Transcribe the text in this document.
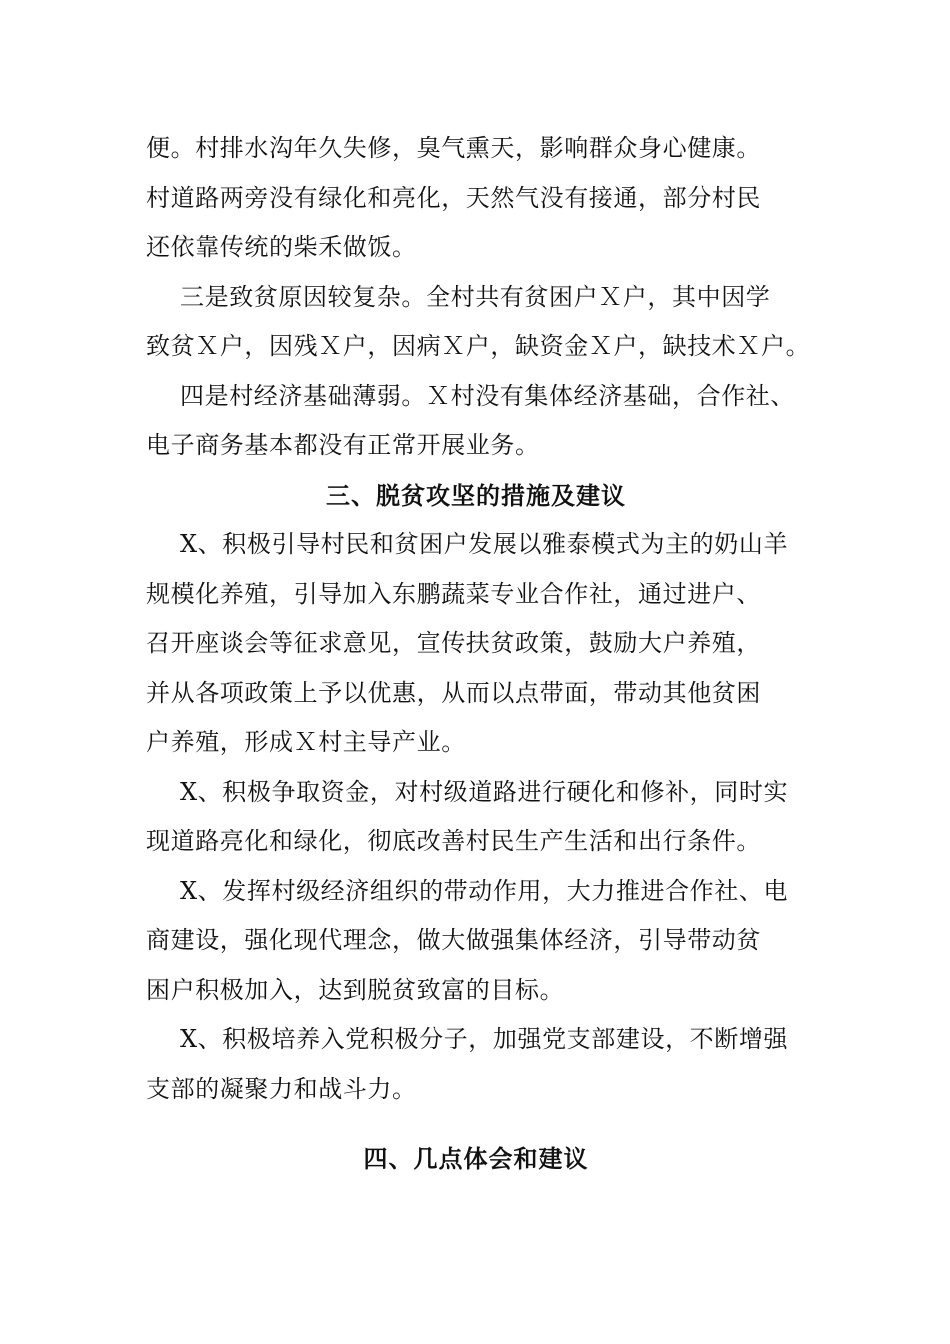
便。村排水沟年久失修，臭气熏天，影响群众身心健康。
村道路两旁没有绿化和亮化，天然气没有接通，部分村民
还依靠传统的柴禾做饭。
三是致贫原因较复杂。全村共有贫困户Ｘ户，其中因学
致贫Ｘ户，因残Ｘ户，因病Ｘ户，缺资金Ｘ户，缺技术Ｘ户。
四是村经济基础薄弱。Ｘ村没有集体经济基础，合作社、
电子商务基本都没有正常开展业务。
三、脱贫攻坚的措施及建议
X、积极引导村民和贫困户发展以雅泰模式为主的奶山羊
规模化养殖，引导加入东鹏蔬菜专业合作社，通过进户、
召开座谈会等征求意见，宣传扶贫政策，鼓励大户养殖，
并从各项政策上予以优惠，从而以点带面，带动其他贫困
户养殖，形成Ｘ村主导产业。
X、积极争取资金，对村级道路进行硬化和修补，同时实
现道路亮化和绿化，彻底改善村民生产生活和出行条件。
X、发挥村级经济组织的带动作用，大力推进合作社、电
商建设，强化现代理念，做大做强集体经济，引导带动贫
困户积极加入，达到脱贫致富的目标。
X、积极培养入党积极分子，加强党支部建设，不断增强
支部的凝聚力和战斗力。
四、几点体会和建议
